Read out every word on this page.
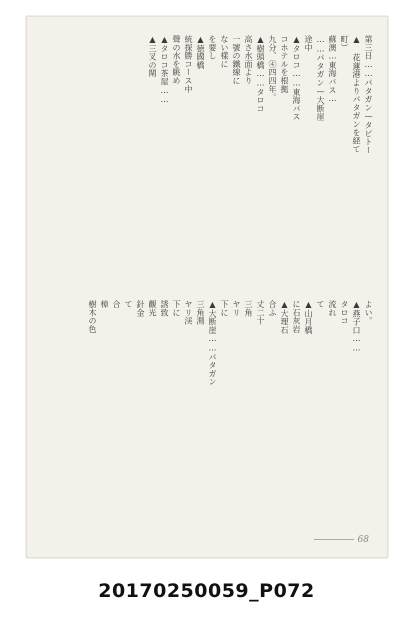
第三日……パタガン—タピトー
▲ 花蓮港よりパタガンを経て
町）
蘇澳…東海バス…
……パタガン—大断崖
途中
▲タロコ……東海バス
コホテルを根拠
九分、④四四年。
▲樹頭橋……タロコ
高さ水面より
一號の鐵線に
ない樣に
を要し
▲徳國橋
統探勝コース中
聲の水を眺め
▲タロコ茶屋……
▲三叉の閘
よい。
▲燕子口……
タロコ
流れ
て
▲山月橋
に石灰岩
▲大理石
合ふ
丈二十
三角
ヤリ
下に
▲大断崖……パタガン
三角測
ヤリ渓
下に
誘致
觀光
針金
て
合
樟
樹木の色
68
20170250059_P072
